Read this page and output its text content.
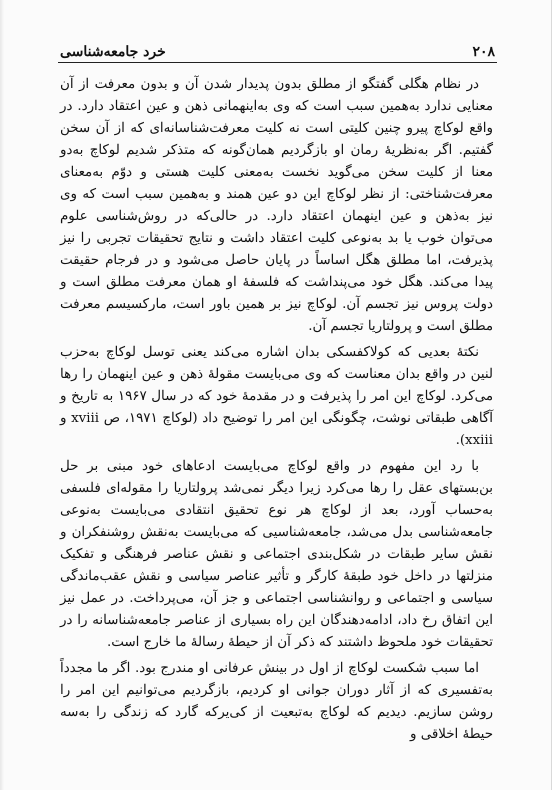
۲۰۸
خرد جامعه‌شناسی

در نظام هگلی گفتگو از مطلق بدون پدیدار شدن آن و بدون معرفت از آن معنایی ندارد به‌همین سبب است که وی به‌اینهمانی ذهن و عین اعتقاد دارد. در واقع لوکاچ پیرو چنین کلیتی است نه کلیت معرفت‌شناسانه‌ای که از آن سخن گفتیم. اگر به‌نظریهٔ رمان او بازگردیم همان‌گونه که متذکر شدیم لوکاچ به‌دو معنا از کلیت سخن می‌گوید نخست به‌معنی کلیت هستی و دوّم به‌معنای معرفت‌شناختی: از نظر لوکاچ این دو عین همند و به‌همین سبب است که وی نیز به‌ذهن و عین اینهمان اعتقاد دارد. در حالی‌که در روش‌شناسی علوم می‌توان خوب یا بد به‌نوعی کلیت اعتقاد داشت و نتایج تحقیقات تجربی را نیز پذیرفت، اما مطلق هگل اساساً در پایان حاصل می‌شود و در فرجام حقیقت پیدا می‌کند. هگل خود می‌پنداشت که فلسفهٔ او همان معرفت مطلق است و دولت پروس نیز تجسم آن. لوکاچ نیز بر همین باور است، مارکسیسم معرفت مطلق است و پرولتاریا تجسم آن.

نکتهٔ بعدیی که کولاکفسکی بدان اشاره می‌کند یعنی توسل لوکاچ به‌حزب لنین در واقع بدان معناست که وی می‌بایست مقولهٔ ذهن و عین اینهمان را رها می‌کرد. لوکاچ این امر را پذیرفت و در مقدمهٔ خود که در سال ۱۹۶۷ به تاریخ و آگاهی طبقاتی نوشت، چگونگی این امر را توضیح داد (لوکاچ ۱۹۷۱، ص xviii و xxiii).

با رد این مفهوم در واقع لوکاچ می‌بایست ادعاهای خود مبنی بر حل بن‌بستهای عقل را رها می‌کرد زیرا دیگر نمی‌شد پرولتاریا را مقوله‌ای فلسفی به‌حساب آورد، بعد از لوکاچ هر نوع تحقیق انتقادی می‌بایست به‌نوعی جامعه‌شناسی بدل می‌شد، جامعه‌شناسیی که می‌بایست به‌نقش روشنفکران و نقش سایر طبقات در شکل‌بندی اجتماعی و نقش عناصر فرهنگی و تفکیک منزلتها در داخل خود طبقهٔ کارگر و تأثیر عناصر سیاسی و نقش عقب‌ماندگی سیاسی و اجتماعی و روانشناسی اجتماعی و جز آن، می‌پرداخت. در عمل نیز این اتفاق رخ داد، ادامه‌دهندگان این راه بسیاری از عناصر جامعه‌شناسانه را در تحقیقات خود ملحوظ داشتند که ذکر آن از حیطهٔ رسالهٔ ما خارج است.

اما سبب شکست لوکاچ از اول در بینش عرفانی او مندرج بود. اگر ما مجدداً به‌تفسیری که از آثار دوران جوانی او کردیم، بازگردیم می‌توانیم این امر را روشن سازیم. دیدیم که لوکاچ به‌تبعیت از کی‌یرکه گارد که زندگی را به‌سه حیطهٔ اخلاقی و
